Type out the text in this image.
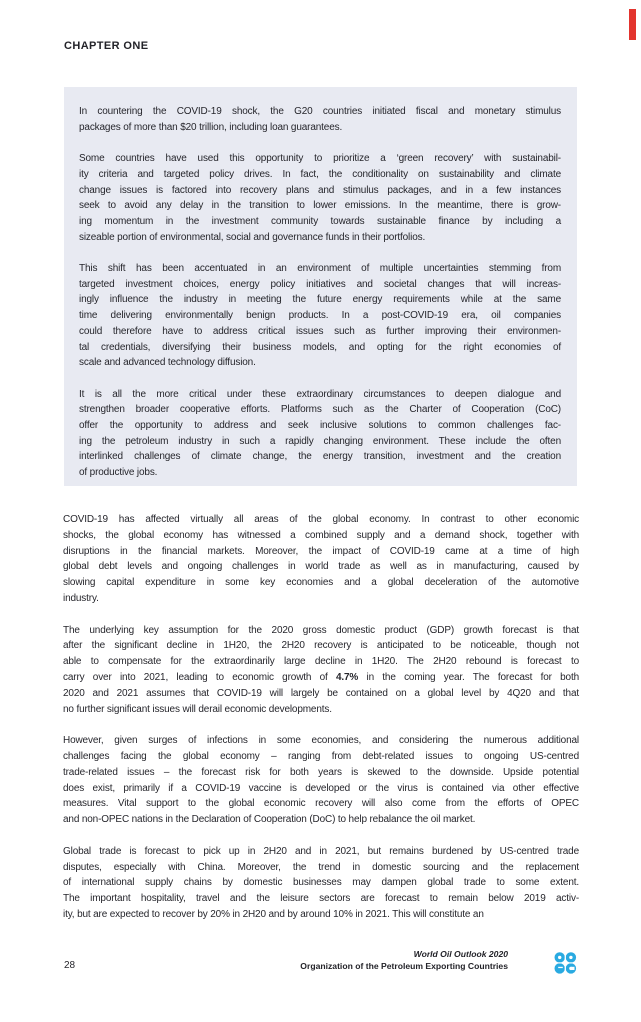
CHAPTER ONE

In countering the COVID-19 shock, the G20 countries initiated fiscal and monetary stimulus
packages of more than $20 trillion, including loan guarantees.

Some countries have used this opportunity to prioritize a ‘green recovery’ with sustainabil-
ity criteria and targeted policy drives. In fact, the conditionality on sustainability and climate
change issues is factored into recovery plans and stimulus packages, and in a few instances
seek to avoid any delay in the transition to lower emissions. In the meantime, there is grow-
ing momentum in the investment community towards sustainable finance by including a
sizeable portion of environmental, social and governance funds in their portfolios.

This shift has been accentuated in an environment of multiple uncertainties stemming from
targeted investment choices, energy policy initiatives and societal changes that will increas-
ingly influence the industry in meeting the future energy requirements while at the same
time delivering environmentally benign products. In a post-COVID-19 era, oil companies
could therefore have to address critical issues such as further improving their environmen-
tal credentials, diversifying their business models, and opting for the right economies of
scale and advanced technology diffusion.

It is all the more critical under these extraordinary circumstances to deepen dialogue and
strengthen broader cooperative efforts. Platforms such as the Charter of Cooperation (CoC)
offer the opportunity to address and seek inclusive solutions to common challenges fac-
ing the petroleum industry in such a rapidly changing environment. These include the often
interlinked challenges of climate change, the energy transition, investment and the creation
of productive jobs.

COVID-19 has affected virtually all areas of the global economy. In contrast to other economic
shocks, the global economy has witnessed a combined supply and a demand shock, together with
disruptions in the financial markets. Moreover, the impact of COVID-19 came at a time of high
global debt levels and ongoing challenges in world trade as well as in manufacturing, caused by
slowing capital expenditure in some key economies and a global deceleration of the automotive
industry.

The underlying key assumption for the 2020 gross domestic product (GDP) growth forecast is that
after the significant decline in 1H20, the 2H20 recovery is anticipated to be noticeable, though not
able to compensate for the extraordinarily large decline in 1H20. The 2H20 rebound is forecast to
carry over into 2021, leading to economic growth of 4.7% in the coming year. The forecast for both
2020 and 2021 assumes that COVID-19 will largely be contained on a global level by 4Q20 and that
no further significant issues will derail economic developments.

However, given surges of infections in some economies, and considering the numerous additional
challenges facing the global economy – ranging from debt-related issues to ongoing US-centred
trade-related issues – the forecast risk for both years is skewed to the downside. Upside potential
does exist, primarily if a COVID-19 vaccine is developed or the virus is contained via other effective
measures. Vital support to the global economic recovery will also come from the efforts of OPEC
and non-OPEC nations in the Declaration of Cooperation (DoC) to help rebalance the oil market.

Global trade is forecast to pick up in 2H20 and in 2021, but remains burdened by US-centred trade
disputes, especially with China. Moreover, the trend in domestic sourcing and the replacement
of international supply chains by domestic businesses may dampen global trade to some extent.
The important hospitality, travel and the leisure sectors are forecast to remain below 2019 activ-
ity, but are expected to recover by 20% in 2H20 and by around 10% in 2021. This will constitute an

28
World Oil Outlook 2020
Organization of the Petroleum Exporting Countries
